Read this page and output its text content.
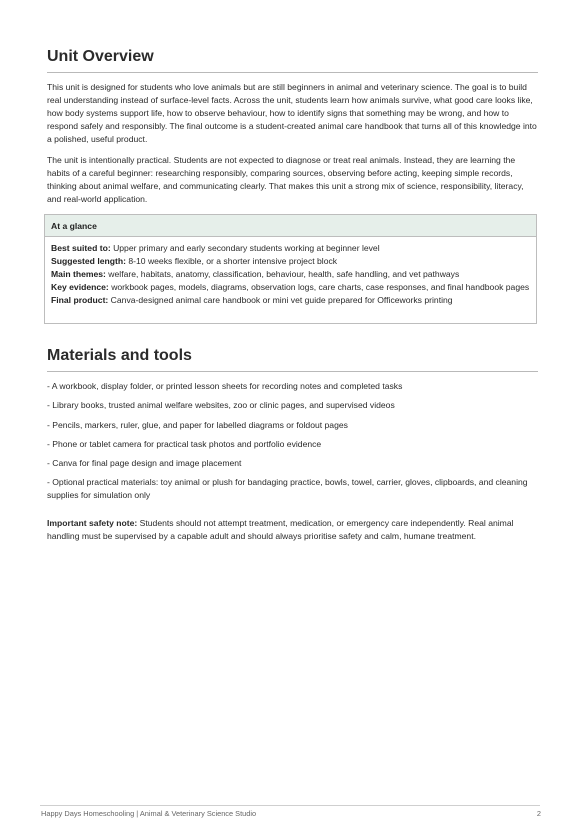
Unit Overview

This unit is designed for students who love animals but are still beginners in animal and veterinary science. The goal is to build real understanding instead of surface-level facts. Across the unit, students learn how animals survive, what good care looks like, how body systems support life, how to observe behaviour, how to identify signs that something may be wrong, and how to respond safely and responsibly. The final outcome is a student-created animal care handbook that turns all of this knowledge into a polished, useful product.

The unit is intentionally practical. Students are not expected to diagnose or treat real animals. Instead, they are learning the habits of a careful beginner: researching responsibly, comparing sources, observing before acting, keeping simple records, thinking about animal welfare, and communicating clearly. That makes this unit a strong mix of science, responsibility, literacy, and real-world application.

At a glance
Best suited to: Upper primary and early secondary students working at beginner level
Suggested length: 8-10 weeks flexible, or a shorter intensive project block
Main themes: welfare, habitats, anatomy, classification, behaviour, health, safe handling, and vet pathways
Key evidence: workbook pages, models, diagrams, observation logs, care charts, case responses, and final handbook pages
Final product: Canva-designed animal care handbook or mini vet guide prepared for Officeworks printing
Materials and tools

- A workbook, display folder, or printed lesson sheets for recording notes and completed tasks

- Library books, trusted animal welfare websites, zoo or clinic pages, and supervised videos

- Pencils, markers, ruler, glue, and paper for labelled diagrams or foldout pages

- Phone or tablet camera for practical task photos and portfolio evidence

- Canva for final page design and image placement

- Optional practical materials: toy animal or plush for bandaging practice, bowls, towel, carrier, gloves, clipboards, and cleaning supplies for simulation only

Important safety note: Students should not attempt treatment, medication, or emergency care independently. Real animal handling must be supervised by a capable adult and should always prioritise safety and calm, humane treatment.

Happy Days Homeschooling | Animal & Veterinary Science Studio	2
